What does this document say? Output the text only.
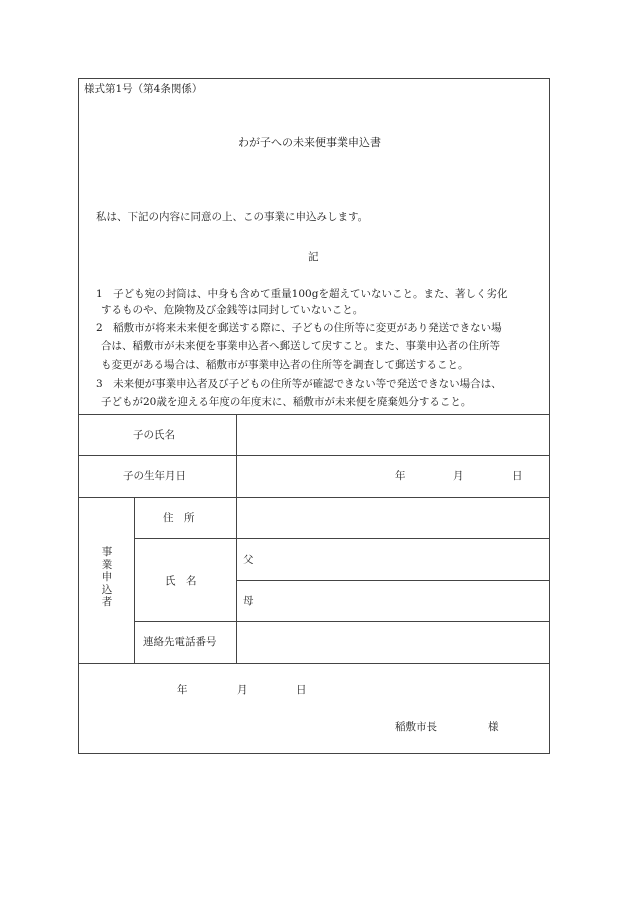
様式第1号（第4条関係）
わが子への未来便事業申込書
私は、下記の内容に同意の上、この事業に申込みします。
記
1　子ども宛の封筒は、中身も含めて重量100gを超えていないこと。また、著しく劣化
するものや、危険物及び金銭等は同封していないこと。
2　稲敷市が将来未来便を郵送する際に、子どもの住所等に変更があり発送できない場
合は、稲敷市が未来便を事業申込者へ郵送して戻すこと。また、事業申込者の住所等
も変更がある場合は、稲敷市が事業申込者の住所等を調査して郵送すること。
3　未来便が事業申込者及び子どもの住所等が確認できない等で発送できない場合は、
子どもが20歳を迎える年度の年度末に、稲敷市が未来便を廃棄処分すること。
子の氏名
子の生年月日	年	月	日
事業申込者
住　所
氏　名
父
母
連絡先電話番号
年	月	日
稲敷市長	様
